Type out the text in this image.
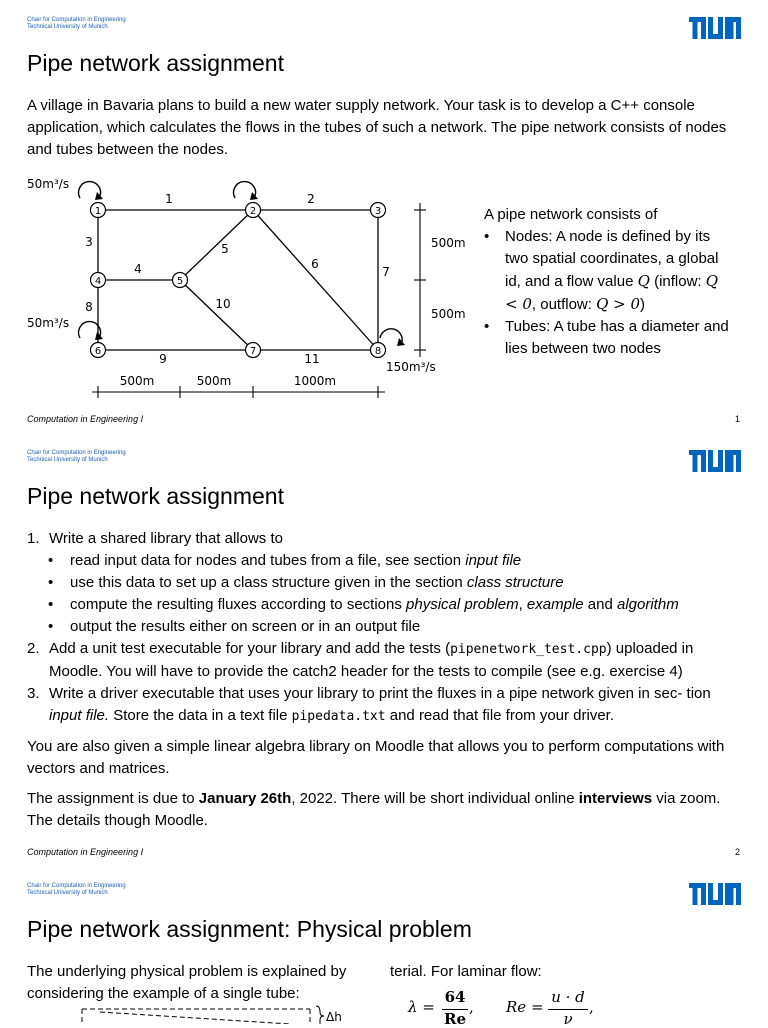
Chair for Computation in Engineering
Technical University of Munich
Pipe network assignment
A village in Bavaria plans to build a new water supply network. Your task is to develop a C++ console application, which calculates the flows in the tubes of such a network. The pipe network consists of nodes and tubes between the nodes.
1	2	3
4	5
6	7	8
1	2
3
4
5
6
7
8
9
10
11
50m³/s
50m³/s
150m³/s
500m
500m
500m	500m	1000m
A pipe network consists of
• Nodes: A node is defined by its two spatial coordinates, a global id, and a flow value Q (inflow: Q < 0, outflow: Q > 0)
• Tubes: A tube has a diameter and lies between two nodes
Computation in Engineering I	1
Chair for Computation in Engineering
Technical University of Munich
Pipe network assignment
1. Write a shared library that allows to
• read input data for nodes and tubes from a file, see section input file
• use this data to set up a class structure given in the section class structure
• compute the resulting fluxes according to sections physical problem, example and algorithm
• output the results either on screen or in an output file
2. Add a unit test executable for your library and add the tests (pipenetwork_test.cpp) uploaded in Moodle. You will have to provide the catch2 header for the tests to compile (see e.g. exercise 4)
3. Write a driver executable that uses your library to print the fluxes in a pipe network given in sec- tion input file. Store the data in a text file pipedata.txt and read that file from your driver.
You are also given a simple linear algebra library on Moodle that allows you to perform computations with vectors and matrices.
The assignment is due to January 26th, 2022. There will be short individual online interviews via zoom. The details though Moodle.
Computation in Engineering I	2
Chair for Computation in Engineering
Technical University of Munich
Pipe network assignment: Physical problem
The underlying physical problem is explained by considering the example of a single tube:
terial. For laminar flow:
λ =
64
Re
, Re =
u · d
ν
,
Δh
